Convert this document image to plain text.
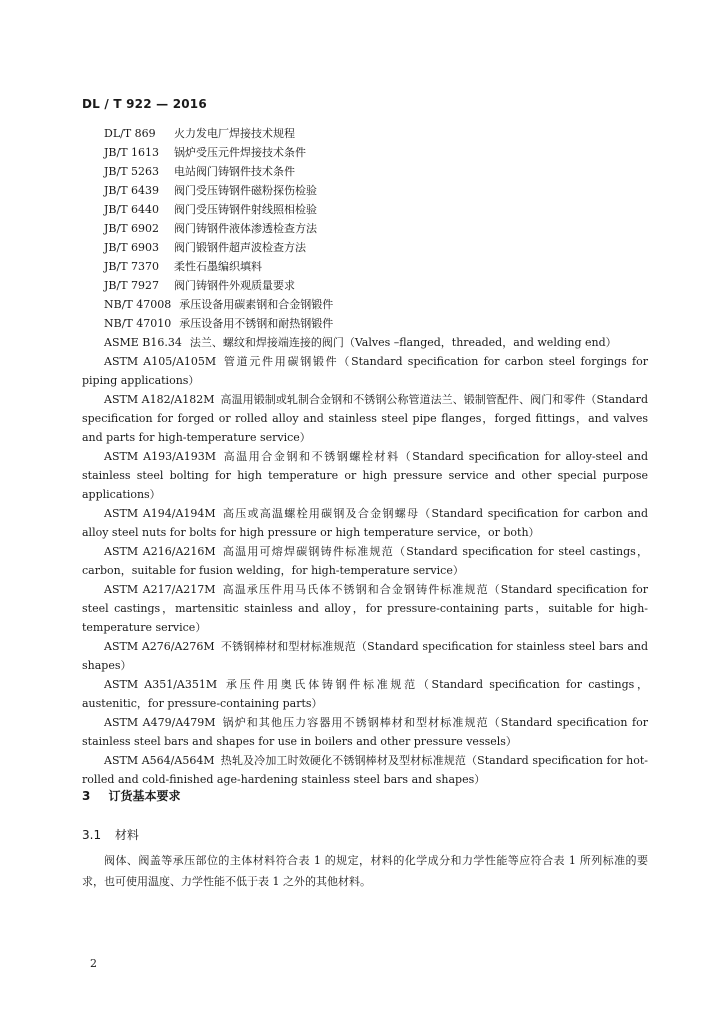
DL / T 922 — 2016
DL/T 869 火力发电厂焊接技术规程
JB/T 1613 锅炉受压元件焊接技术条件
JB/T 5263 电站阀门铸钢件技术条件
JB/T 6439 阀门受压铸钢件磁粉探伤检验
JB/T 6440 阀门受压铸钢件射线照相检验
JB/T 6902 阀门铸钢件液体渗透检查方法
JB/T 6903 阀门锻钢件超声波检查方法
JB/T 7370 柔性石墨编织填料
JB/T 7927 阀门铸钢件外观质量要求
NB/T 47008 承压设备用碳素钢和合金钢锻件
NB/T 47010 承压设备用不锈钢和耐热钢锻件
ASME B16.34 法兰、螺纹和焊接端连接的阀门（Valves –flanged，threaded，and welding end）
ASTM A105/A105M 管道元件用碳钢锻件（Standard specification for carbon steel forgings for piping applications）
ASTM A182/A182M 高温用锻制或轧制合金钢和不锈钢公称管道法兰、锻制管配件、阀门和零件（Standard specification for forged or rolled alloy and stainless steel pipe flanges，forged fittings，and valves and parts for high-temperature service）
ASTM A193/A193M 高温用合金钢和不锈钢螺栓材料（Standard specification for alloy-steel and stainless steel bolting for high temperature or high pressure service and other special purpose applications）
ASTM A194/A194M 高压或高温螺栓用碳钢及合金钢螺母（Standard specification for carbon and alloy steel nuts for bolts for high pressure or high temperature service，or both）
ASTM A216/A216M 高温用可熔焊碳钢铸件标准规范（Standard specification for steel castings，carbon，suitable for fusion welding，for high-temperature service）
ASTM A217/A217M 高温承压件用马氏体不锈钢和合金钢铸件标准规范（Standard specification for steel castings，martensitic stainless and alloy，for pressure-containing parts，suitable for high-temperature service）
ASTM A276/A276M 不锈钢棒材和型材标准规范（Standard specification for stainless steel bars and shapes）
ASTM A351/A351M 承压件用奥氏体铸钢件标准规范（Standard specification for castings，austenitic，for pressure-containing parts）
ASTM A479/A479M 锅炉和其他压力容器用不锈钢棒材和型材标准规范（Standard specification for stainless steel bars and shapes for use in boilers and other pressure vessels）
ASTM A564/A564M 热轧及冷加工时效硬化不锈钢棒材及型材标准规范（Standard specification for hot-rolled and cold-finished age-hardening stainless steel bars and shapes）
3 订货基本要求
3.1 材料
阀体、阀盖等承压部位的主体材料符合表 1 的规定，材料的化学成分和力学性能等应符合表 1 所列标准的要求，也可使用温度、力学性能不低于表 1 之外的其他材料。
2
